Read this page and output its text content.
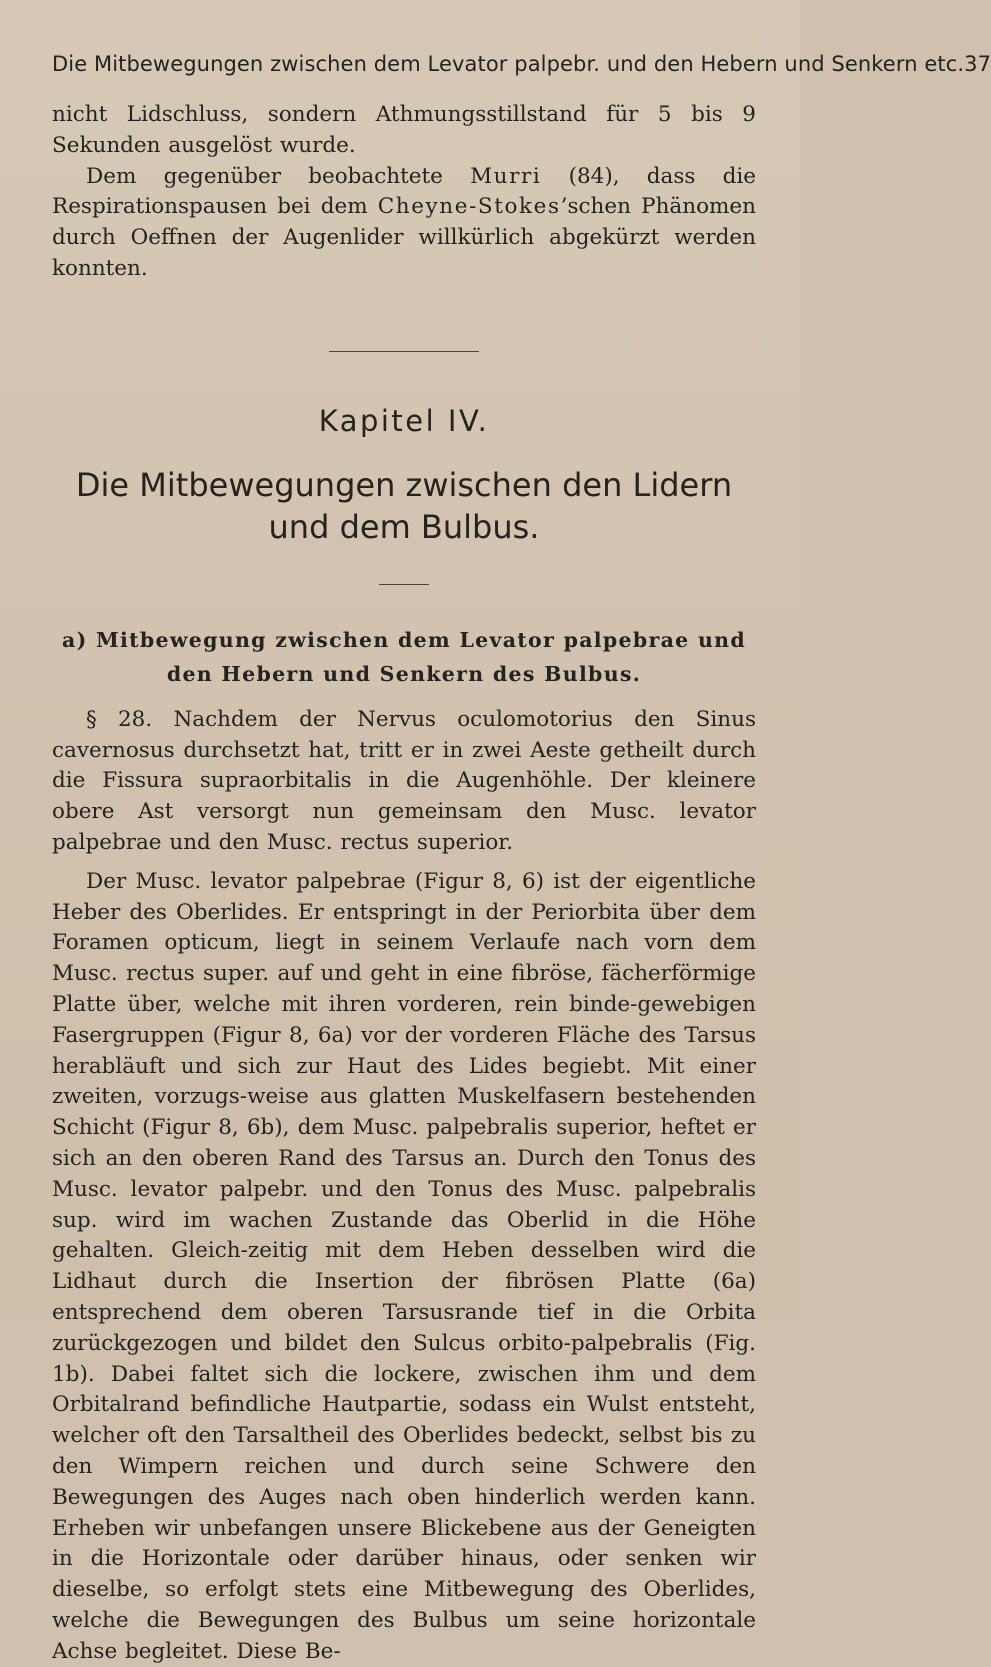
Die Mitbewegungen zwischen dem Levator palpebr. und den Hebern und Senkern etc. 37

nicht Lidschluss, sondern Athmungsstillstand für 5 bis 9 Sekunden ausgelöst wurde.

Dem gegenüber beobachtete Murri (84), dass die Respirationspausen bei dem Cheyne-Stokes’schen Phänomen durch Oeffnen der Augenlider willkürlich abgekürzt werden konnten.

Kapitel IV.
Die Mitbewegungen zwischen den Lidern und dem Bulbus.
a) Mitbewegung zwischen dem Levator palpebrae und den Hebern und Senkern des Bulbus.

§ 28. Nachdem der Nervus oculomotorius den Sinus cavernosus durchsetzt hat, tritt er in zwei Aeste getheilt durch die Fissura supraorbitalis in die Augenhöhle. Der kleinere obere Ast versorgt nun gemeinsam den Musc. levator palpebrae und den Musc. rectus superior.

Der Musc. levator palpebrae (Figur 8, 6) ist der eigentliche Heber des Oberlides. Er entspringt in der Periorbita über dem Foramen opticum, liegt in seinem Verlaufe nach vorn dem Musc. rectus super. auf und geht in eine fibröse, fächerförmige Platte über, welche mit ihren vorderen, rein binde-gewebigen Fasergruppen (Figur 8, 6a) vor der vorderen Fläche des Tarsus herabläuft und sich zur Haut des Lides begiebt. Mit einer zweiten, vorzugs-weise aus glatten Muskelfasern bestehenden Schicht (Figur 8, 6b), dem Musc. palpebralis superior, heftet er sich an den oberen Rand des Tarsus an. Durch den Tonus des Musc. levator palpebr. und den Tonus des Musc. palpebralis sup. wird im wachen Zustande das Oberlid in die Höhe gehalten. Gleich-zeitig mit dem Heben desselben wird die Lidhaut durch die Insertion der fibrösen Platte (6a) entsprechend dem oberen Tarsusrande tief in die Orbita zurückgezogen und bildet den Sulcus orbito-palpebralis (Fig. 1b). Dabei faltet sich die lockere, zwischen ihm und dem Orbitalrand befindliche Hautpartie, sodass ein Wulst entsteht, welcher oft den Tarsaltheil des Oberlides bedeckt, selbst bis zu den Wimpern reichen und durch seine Schwere den Bewegungen des Auges nach oben hinderlich werden kann. Erheben wir unbefangen unsere Blickebene aus der Geneigten in die Horizontale oder darüber hinaus, oder senken wir dieselbe, so erfolgt stets eine Mitbewegung des Oberlides, welche die Bewegungen des Bulbus um seine horizontale Achse begleitet. Diese Be-
